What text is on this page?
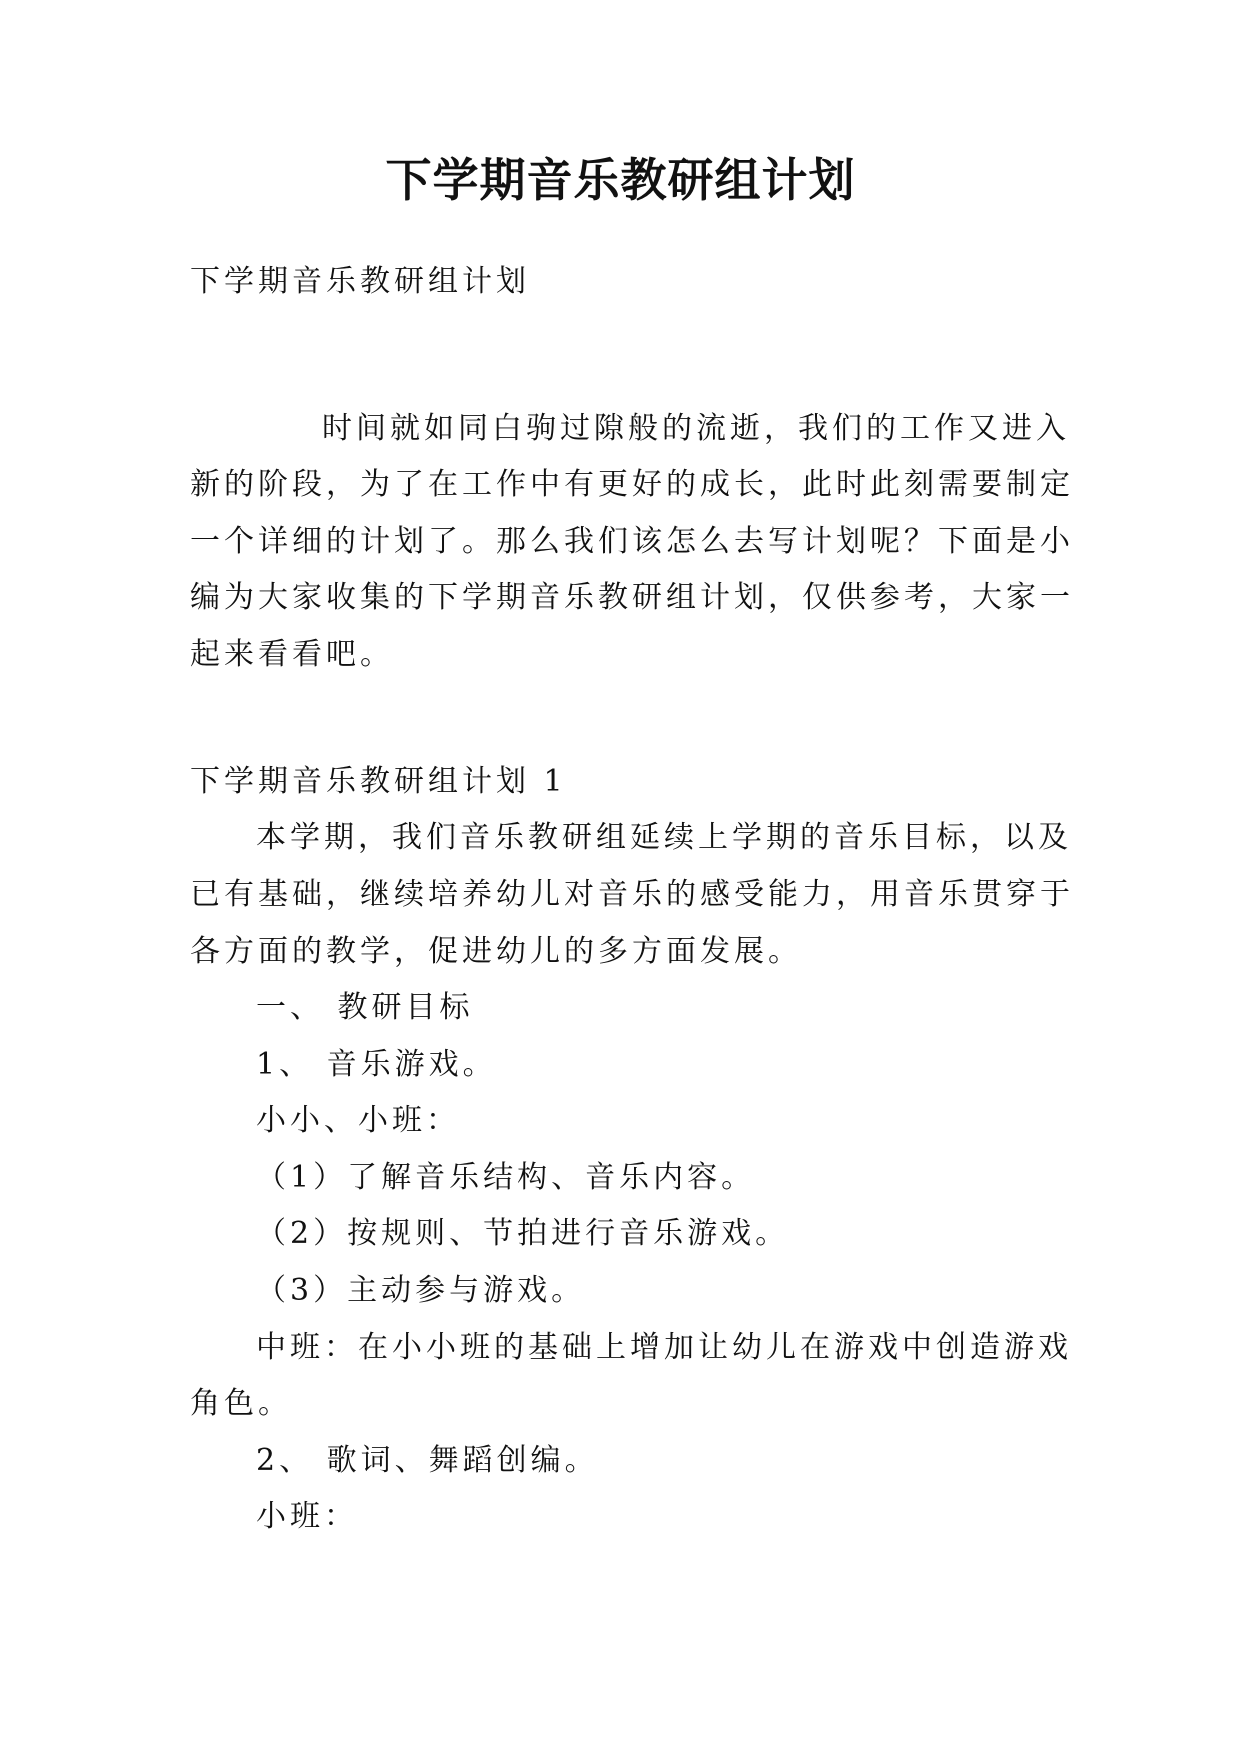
下学期音乐教研组计划
下学期音乐教研组计划
时间就如同白驹过隙般的流逝，我们的工作又进入
新的阶段，为了在工作中有更好的成长，此时此刻需要制定
一个详细的计划了。那么我们该怎么去写计划呢？下面是小
编为大家收集的下学期音乐教研组计划，仅供参考，大家一
起来看看吧。
下学期音乐教研组计划 1
本学期，我们音乐教研组延续上学期的音乐目标，以及
已有基础，继续培养幼儿对音乐的感受能力，用音乐贯穿于
各方面的教学，促进幼儿的多方面发展。
一、 教研目标
1、 音乐游戏。
小小、小班：
（1）了解音乐结构、音乐内容。
（2）按规则、节拍进行音乐游戏。
（3）主动参与游戏。
中班：在小小班的基础上增加让幼儿在游戏中创造游戏
角色。
2、 歌词、舞蹈创编。
小班：
